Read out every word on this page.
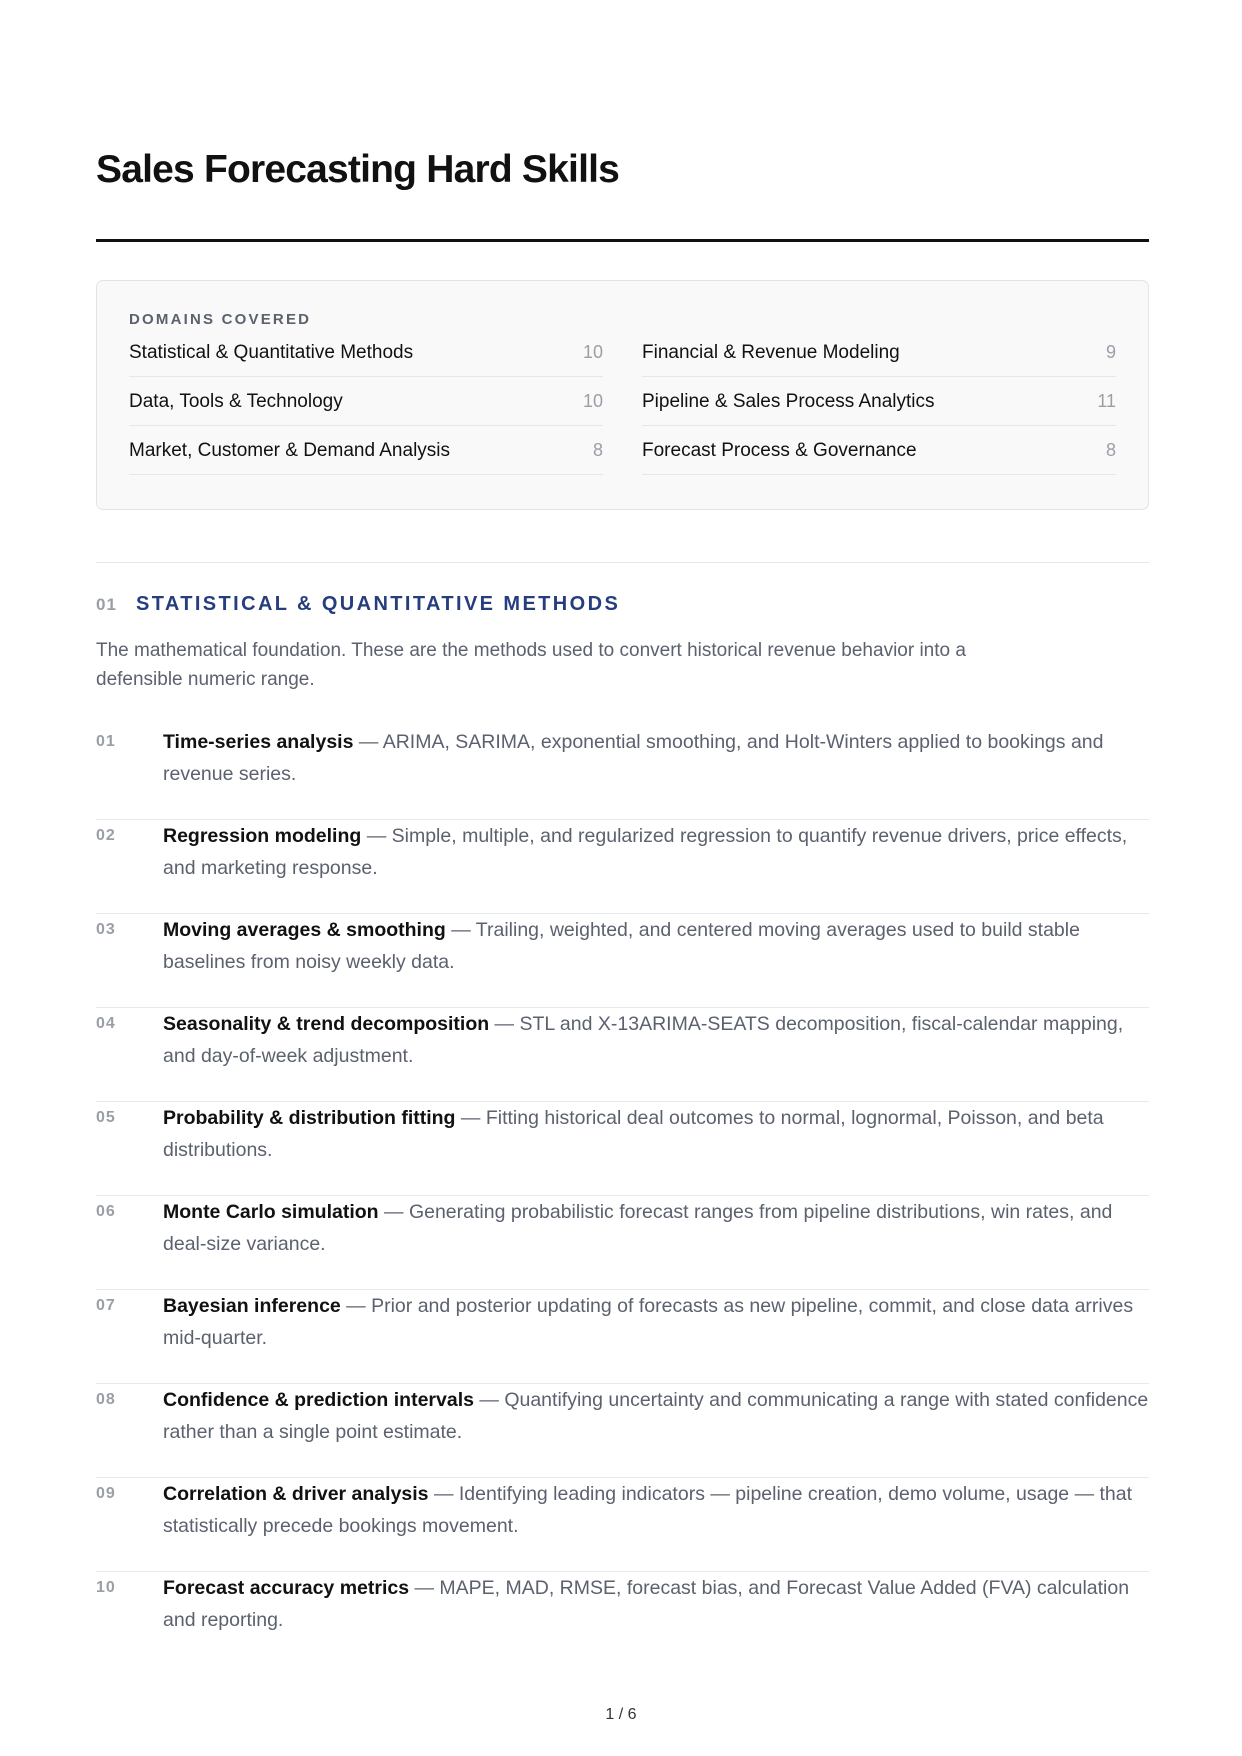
Sales Forecasting Hard Skills
DOMAINS COVERED
Statistical & Quantitative Methods	10
Data, Tools & Technology	10
Market, Customer & Demand Analysis	8
Financial & Revenue Modeling	9
Pipeline & Sales Process Analytics	11
Forecast Process & Governance	8
01 STATISTICAL & QUANTITATIVE METHODS

The mathematical foundation. These are the methods used to convert historical revenue behavior into a defensible numeric range.

01 Time-series analysis — ARIMA, SARIMA, exponential smoothing, and Holt-Winters applied to bookings and revenue series.

02 Regression modeling — Simple, multiple, and regularized regression to quantify revenue drivers, price effects, and marketing response.

03 Moving averages & smoothing — Trailing, weighted, and centered moving averages used to build stable baselines from noisy weekly data.

04 Seasonality & trend decomposition — STL and X-13ARIMA-SEATS decomposition, fiscal-calendar mapping, and day-of-week adjustment.

05 Probability & distribution fitting — Fitting historical deal outcomes to normal, lognormal, Poisson, and beta distributions.

06 Monte Carlo simulation — Generating probabilistic forecast ranges from pipeline distributions, win rates, and deal-size variance.

07 Bayesian inference — Prior and posterior updating of forecasts as new pipeline, commit, and close data arrives mid-quarter.

08 Confidence & prediction intervals — Quantifying uncertainty and communicating a range with stated confidence rather than a single point estimate.

09 Correlation & driver analysis — Identifying leading indicators — pipeline creation, demo volume, usage — that statistically precede bookings movement.

10 Forecast accuracy metrics — MAPE, MAD, RMSE, forecast bias, and Forecast Value Added (FVA) calculation and reporting.

1 / 6
